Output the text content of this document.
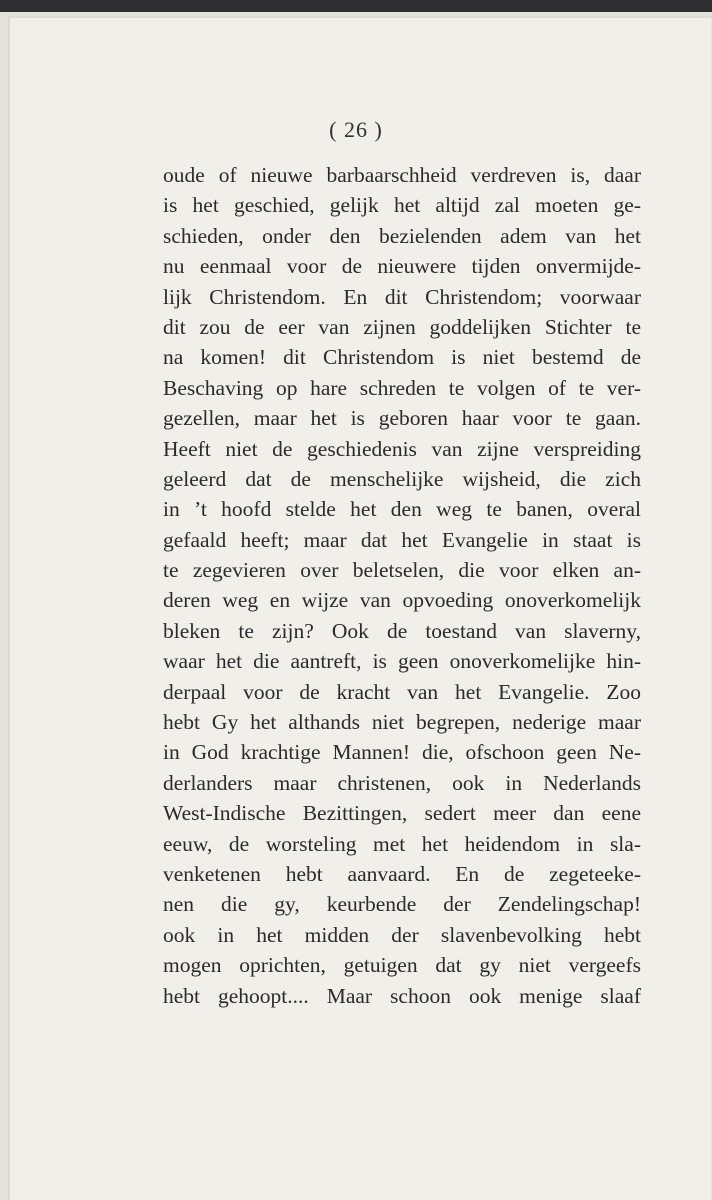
( 26 )
oude of nieuwe barbaarschheid verdreven is, daar
is het geschied, gelijk het altijd zal moeten ge-
schieden, onder den bezielenden adem van het
nu eenmaal voor de nieuwere tijden onvermijde-
lijk Christendom. En dit Christendom; voorwaar
dit zou de eer van zijnen goddelijken Stichter te
na komen! dit Christendom is niet bestemd de
Beschaving op hare schreden te volgen of te ver-
gezellen, maar het is geboren haar voor te gaan.
Heeft niet de geschiedenis van zijne verspreiding
geleerd dat de menschelijke wijsheid, die zich
in ’t hoofd stelde het den weg te banen, overal
gefaald heeft; maar dat het Evangelie in staat is
te zegevieren over beletselen, die voor elken an-
deren weg en wijze van opvoeding onoverkomelijk
bleken te zijn? Ook de toestand van slaverny,
waar het die aantreft, is geen onoverkomelijke hin-
derpaal voor de kracht van het Evangelie. Zoo
hebt Gy het althands niet begrepen, nederige maar
in God krachtige Mannen! die, ofschoon geen Ne-
derlanders maar christenen, ook in Nederlands
West-Indische Bezittingen, sedert meer dan eene
eeuw, de worsteling met het heidendom in sla-
venketenen hebt aanvaard. En de zegeteeke-
nen die gy, keurbende der Zendelingschap!
ook in het midden der slavenbevolking hebt
mogen oprichten, getuigen dat gy niet vergeefs
hebt gehoopt.... Maar schoon ook menige slaaf
